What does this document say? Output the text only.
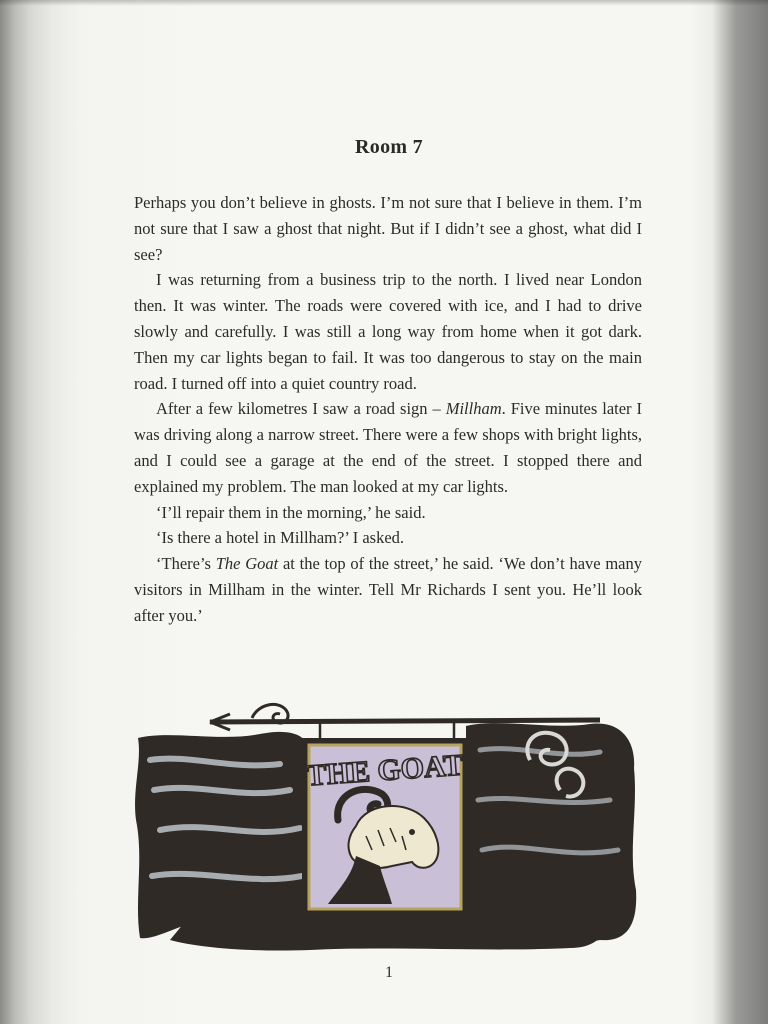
Room 7

Perhaps you don’t believe in ghosts. I’m not sure that I believe in them. I’m not sure that I saw a ghost that night. But if I didn’t see a ghost, what did I see?

I was returning from a business trip to the north. I lived near London then. It was winter. The roads were covered with ice, and I had to drive slowly and carefully. I was still a long way from home when it got dark. Then my car lights began to fail. It was too dangerous to stay on the main road. I turned off into a quiet country road.

After a few kilometres I saw a road sign – Millham. Five minutes later I was driving along a narrow street. There were a few shops with bright lights, and I could see a garage at the end of the street. I stopped there and explained my problem. The man looked at my car lights.

‘I’ll repair them in the morning,’ he said.

‘Is there a hotel in Millham?’ I asked.

‘There’s The Goat at the top of the street,’ he said. ‘We don’t have many visitors in Millham in the winter. Tell Mr Richards I sent you. He’ll look after you.’

THE GOAT
1
